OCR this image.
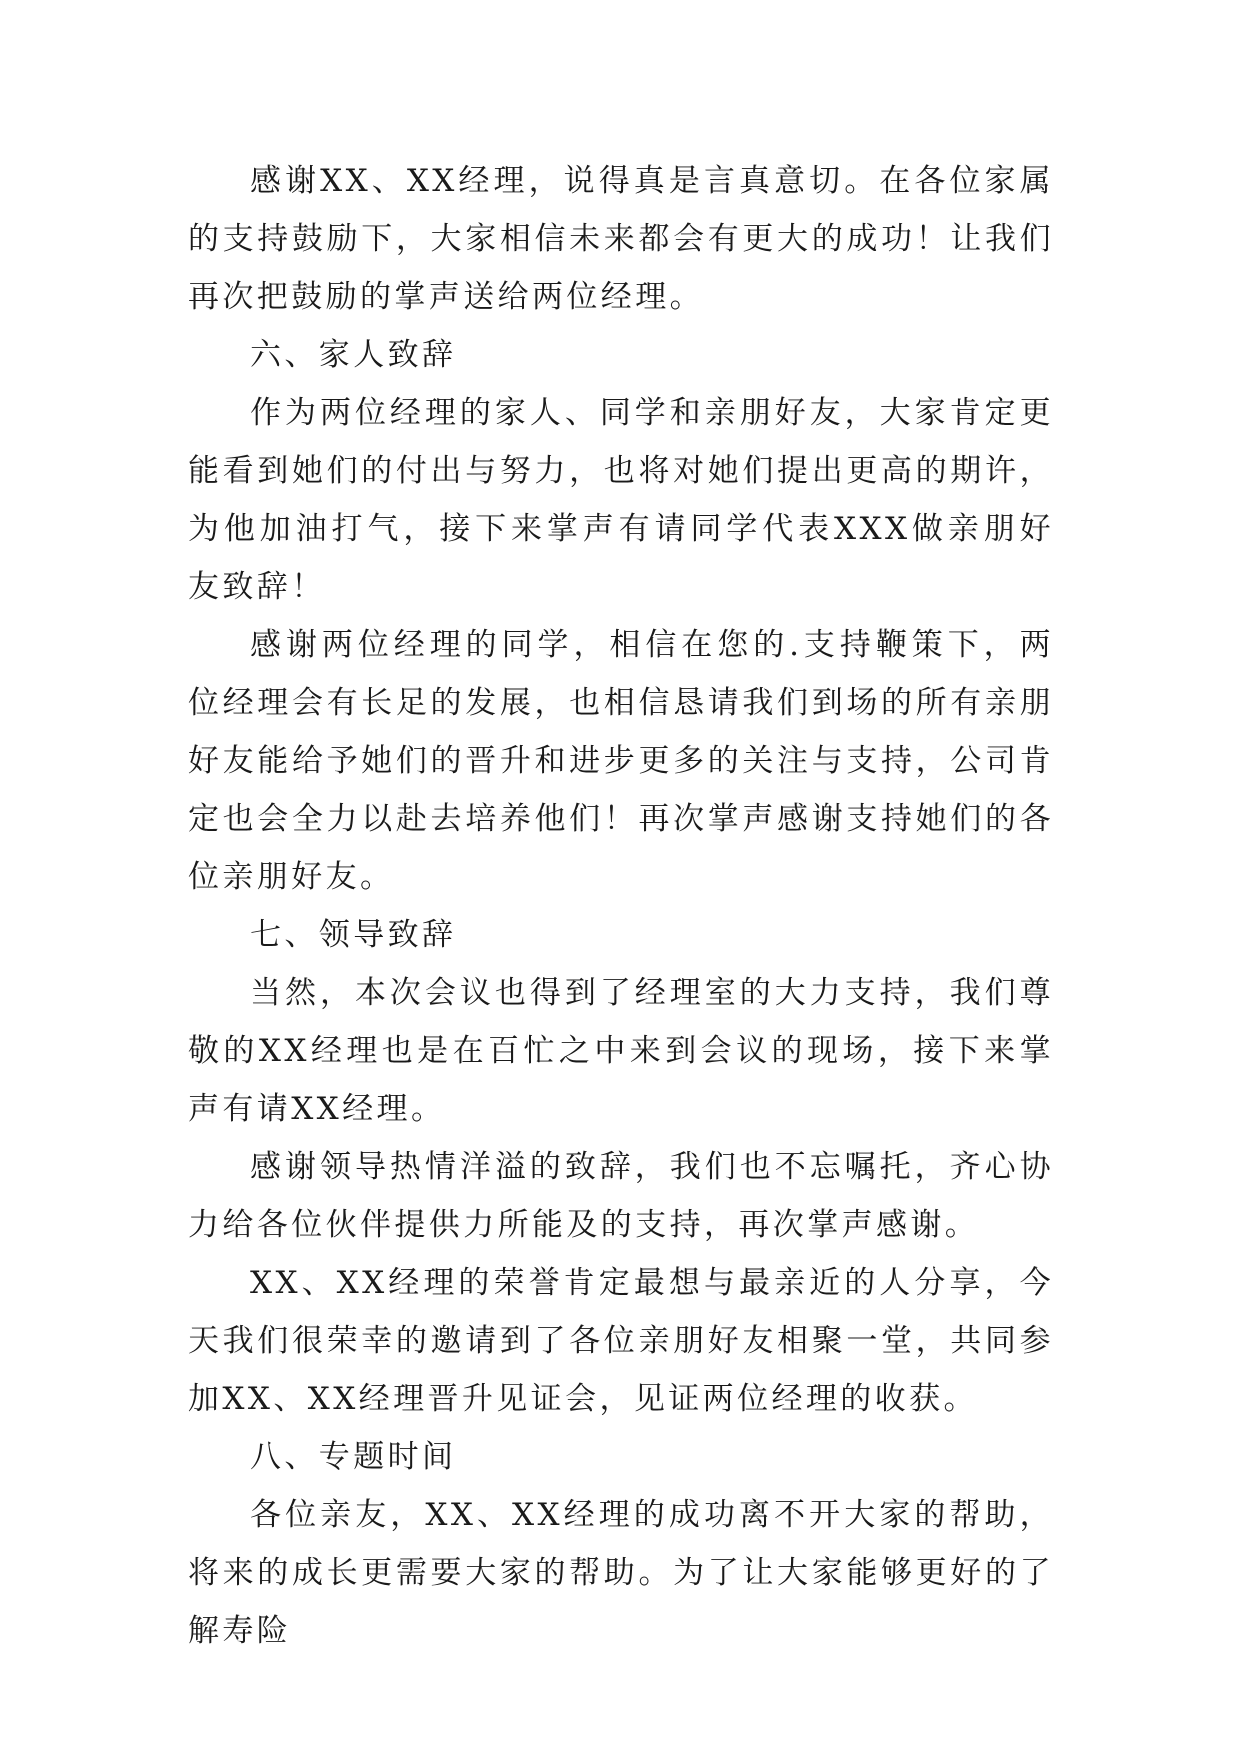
感谢XX、XX经理，说得真是言真意切。在各位家属的支持鼓励下，大家相信未来都会有更大的成功！让我们再次把鼓励的掌声送给两位经理。

六、家人致辞

作为两位经理的家人、同学和亲朋好友，大家肯定更能看到她们的付出与努力，也将对她们提出更高的期许，为他加油打气，接下来掌声有请同学代表XXX做亲朋好友致辞！

感谢两位经理的同学，相信在您的.支持鞭策下，两位经理会有长足的发展，也相信恳请我们到场的所有亲朋好友能给予她们的晋升和进步更多的关注与支持，公司肯定也会全力以赴去培养他们！再次掌声感谢支持她们的各位亲朋好友。

七、领导致辞

当然，本次会议也得到了经理室的大力支持，我们尊敬的XX经理也是在百忙之中来到会议的现场，接下来掌声有请XX经理。

感谢领导热情洋溢的致辞，我们也不忘嘱托，齐心协力给各位伙伴提供力所能及的支持，再次掌声感谢。

XX、XX经理的荣誉肯定最想与最亲近的人分享，今天我们很荣幸的邀请到了各位亲朋好友相聚一堂，共同参加XX、XX经理晋升见证会，见证两位经理的收获。

八、专题时间

各位亲友，XX、XX经理的成功离不开大家的帮助，将来的成长更需要大家的帮助。为了让大家能够更好的了解寿险
